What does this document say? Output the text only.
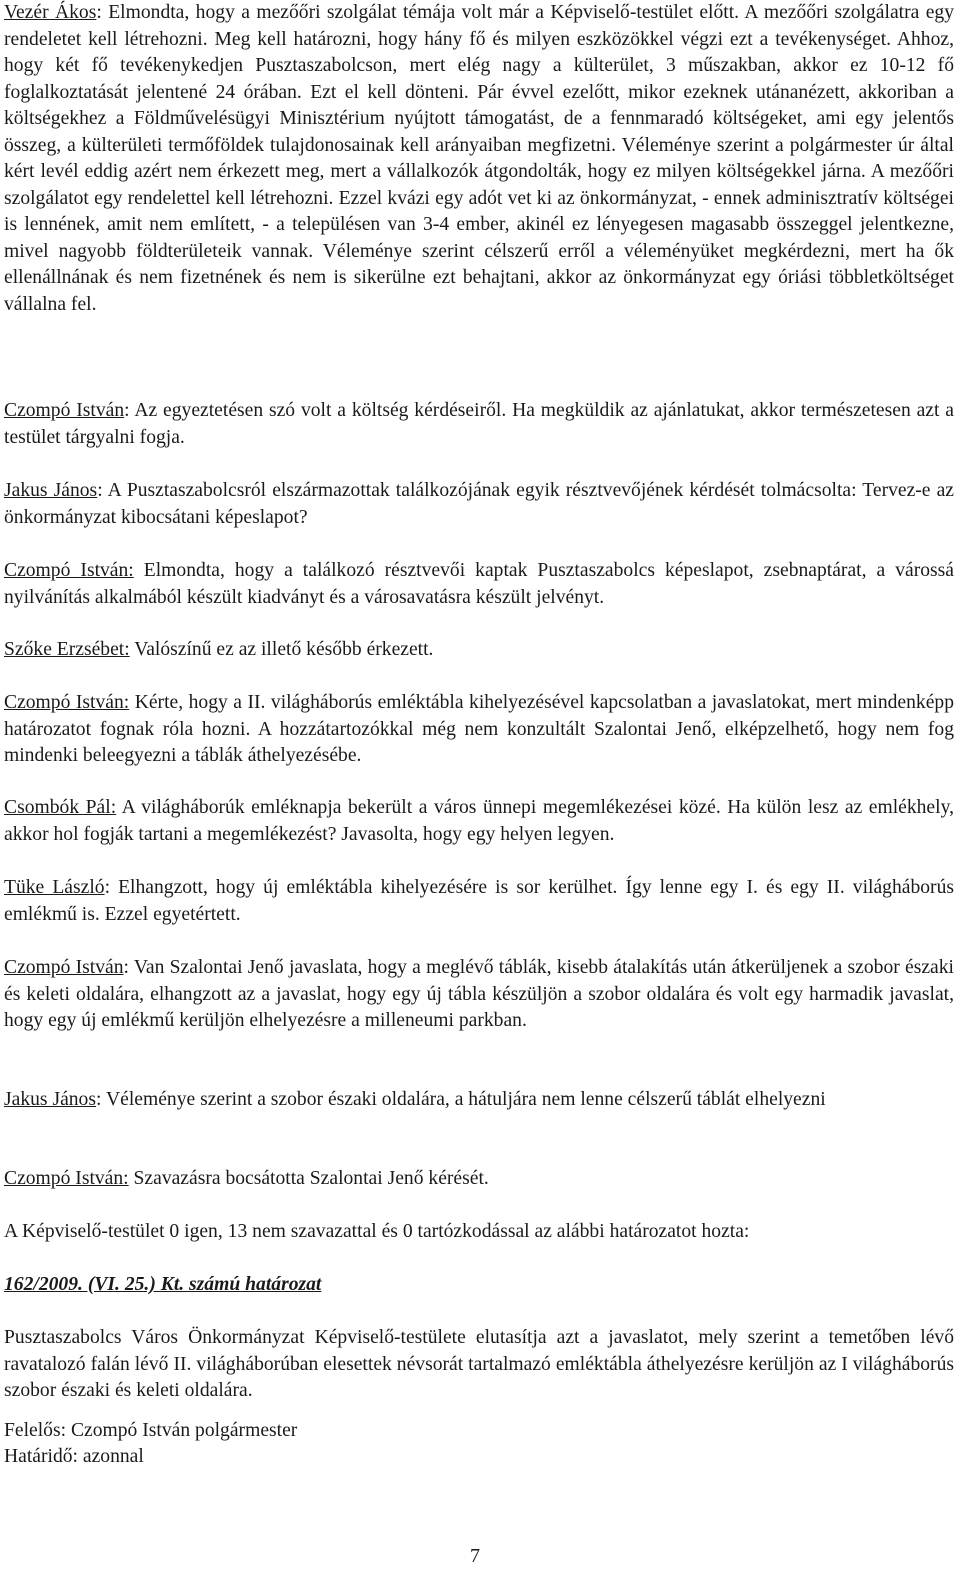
Vezér Ákos: Elmondta, hogy a mezőőri szolgálat témája volt már a Képviselő-testület előtt. A mezőőri szolgálatra egy rendeletet kell létrehozni. Meg kell határozni, hogy hány fő és milyen eszközökkel végzi ezt a tevékenységet. Ahhoz, hogy két fő tevékenykedjen Pusztaszabolcson, mert elég nagy a külterület, 3 műszakban, akkor ez 10-12 fő foglalkoztatását jelentené 24 órában. Ezt el kell dönteni. Pár évvel ezelőtt, mikor ezeknek utánanézett, akkoriban a költségekhez a Földművelésügyi Minisztérium nyújtott támogatást, de a fennmaradó költségeket, ami egy jelentős összeg, a külterületi termőföldek tulajdonosainak kell arányaiban megfizetni. Véleménye szerint a polgármester úr által kért levél eddig azért nem érkezett meg, mert a vállalkozók átgondolták, hogy ez milyen költségekkel járna. A mezőőri szolgálatot egy rendelettel kell létrehozni. Ezzel kvázi egy adót vet ki az önkormányzat, - ennek adminisztratív költségei is lennének, amit nem említett, - a településen van 3-4 ember, akinél ez lényegesen magasabb összeggel jelentkezne, mivel nagyobb földterületeik vannak. Véleménye szerint célszerű erről a véleményüket megkérdezni, mert ha ők ellenállnának és nem fizetnének és nem is sikerülne ezt behajtani, akkor az önkormányzat egy óriási többletköltséget vállalna fel.

Czompó István: Az egyeztetésen szó volt a költség kérdéseiről. Ha megküldik az ajánlatukat, akkor természetesen azt a testület tárgyalni fogja.

Jakus János: A Pusztaszabolcsról elszármazottak találkozójának egyik résztvevőjének kérdését tolmácsolta: Tervez-e az önkormányzat kibocsátani képeslapot?

Czompó István: Elmondta, hogy a találkozó résztvevői kaptak Pusztaszabolcs képeslapot, zsebnaptárat, a várossá nyilvánítás alkalmából készült kiadványt és a városavatásra készült jelvényt.

Szőke Erzsébet: Valószínű ez az illető később érkezett.

Czompó István: Kérte, hogy a II. világháborús emléktábla kihelyezésével kapcsolatban a javaslatokat, mert mindenképp határozatot fognak róla hozni. A hozzátartozókkal még nem konzultált Szalontai Jenő, elképzelhető, hogy nem fog mindenki beleegyezni a táblák áthelyezésébe.

Csombók Pál: A világháborúk emléknapja bekerült a város ünnepi megemlékezései közé. Ha külön lesz az emlékhely, akkor hol fogják tartani a megemlékezést? Javasolta, hogy egy helyen legyen.

Tüke László: Elhangzott, hogy új emléktábla kihelyezésére is sor kerülhet. Így lenne egy I. és egy II. világháborús emlékmű is. Ezzel egyetértett.

Czompó István: Van Szalontai Jenő javaslata, hogy a meglévő táblák, kisebb átalakítás után átkerüljenek a szobor északi és keleti oldalára, elhangzott az a javaslat, hogy egy új tábla készüljön a szobor oldalára és volt egy harmadik javaslat, hogy egy új emlékmű kerüljön elhelyezésre a milleneumi parkban.

Jakus János: Véleménye szerint a szobor északi oldalára, a hátuljára nem lenne célszerű táblát elhelyezni

Czompó István: Szavazásra bocsátotta Szalontai Jenő kérését.

A Képviselő-testület 0 igen, 13 nem szavazattal és 0 tartózkodással az alábbi határozatot hozta:

162/2009. (VI. 25.) Kt. számú határozat

Pusztaszabolcs Város Önkormányzat Képviselő-testülete elutasítja azt a javaslatot, mely szerint a temetőben lévő ravatalozó falán lévő II. világháborúban elesettek névsorát tartalmazó emléktábla áthelyezésre kerüljön az I világháborús szobor északi és keleti oldalára.

Felelős: Czompó István polgármester
Határidő: azonnal
7
